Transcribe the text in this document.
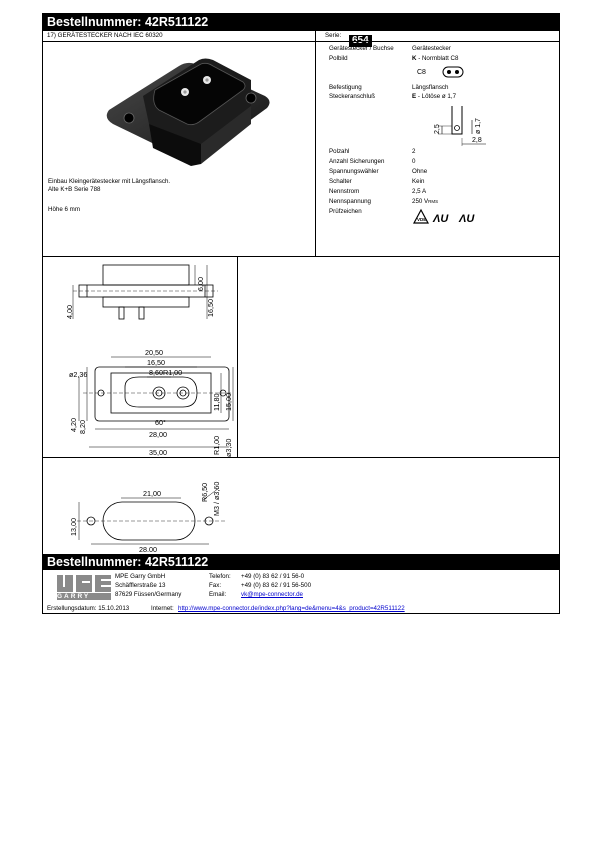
Bestellnummer: 42R511122
17) GERÄTESTECKER NACH IEC 60320	Serie:	654
Einbau Kleingerätestecker mit Längsflansch.
Alte K+B Serie 788
Höhe 6 mm
Gerätestecker / Buchse	Gerätestecker
Polbild	K - Normblatt C8
C8
Befestigung	Längsflansch
Steckeranschluß	E - Lötöse ø 1,7
2,5	ø 1,7
2,8
Polzahl	2
Anzahl Sicherungen	0
Spannungswähler	Ohne
Schalter	Kein
Nennstrom	2,5 A
Nennspannung	250 VRMS
Prüfzeichen
VDE ɅU ɅU
4,00
6,00
16,50
20,50
16,50
ø2,36	8,60 R1,00
11,80 15,00
4,20 8,20	60°
28,00
35,00	R1,00 ø3,30
21,00	R6,50 M3 / ø3,60
13,00
28,00
Bestellnummer: 42R511122
GARRY
MPE Garry GmbH
Schäfflerstraße 13
87629 Füssen/Germany
Telefon: +49 (0) 83 62 / 91 56-0
Fax:	+49 (0) 83 62 / 91 56-500
Email: vk@mpe-connector.de
Erstellungsdatum: 15.10.2013	Internet: http://www.mpe-connector.de/index.php?lang=de&menu=4&s_product=42R511122
